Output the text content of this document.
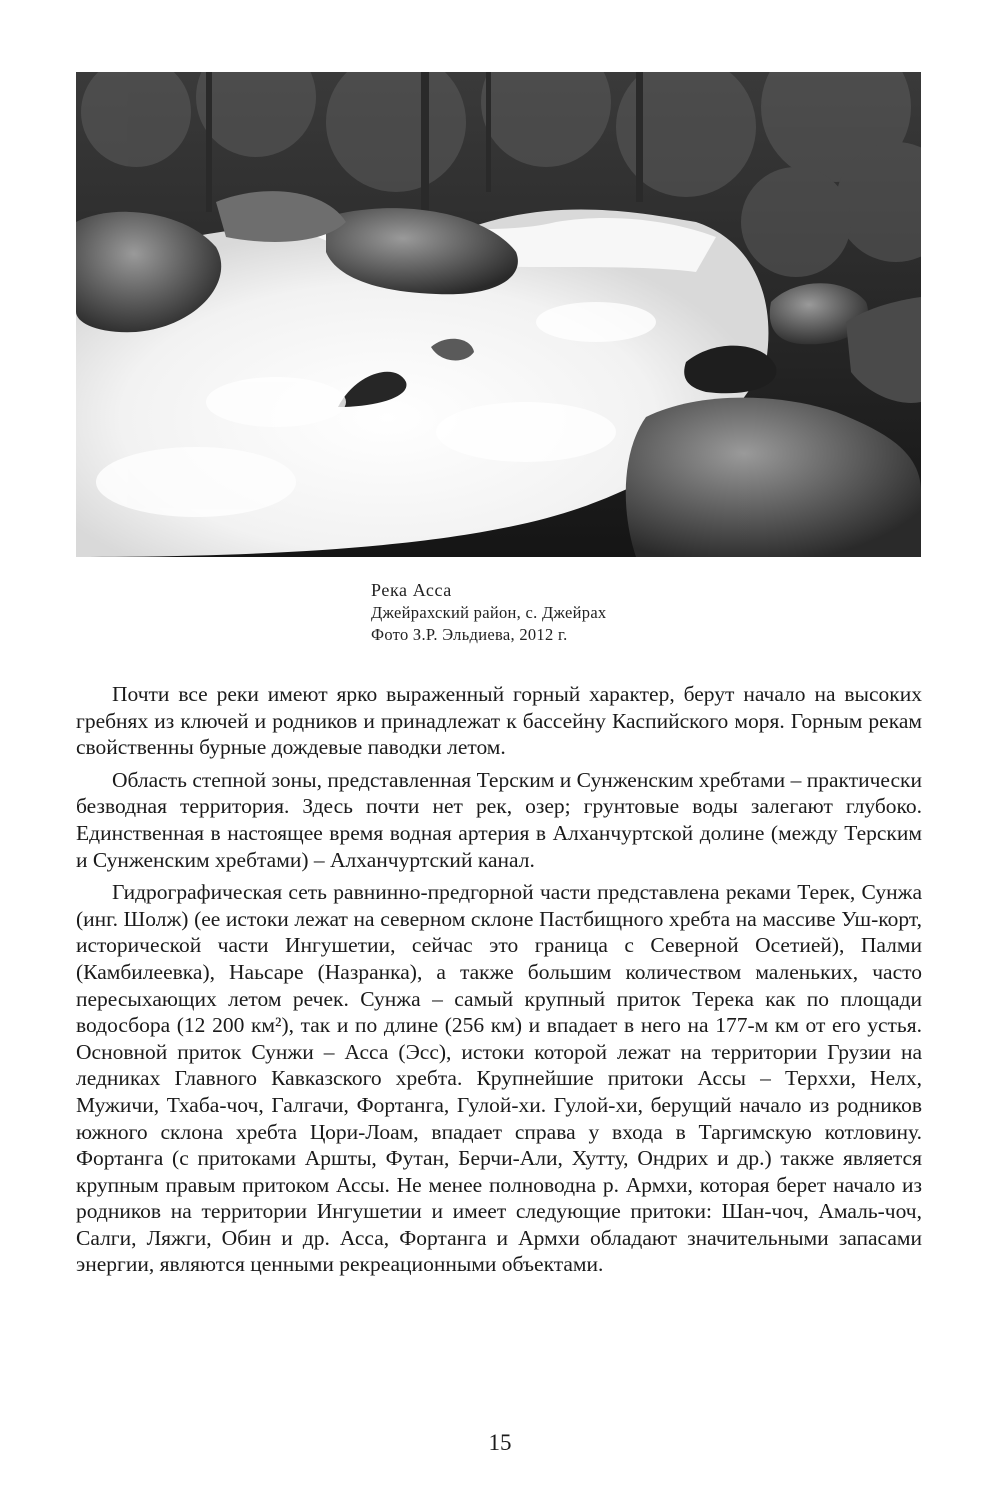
Река Асса
Джейрахский район, с. Джейрах
Фото З.Р. Эльдиева, 2012 г.

Почти все реки имеют ярко выраженный горный характер, берут начало на высоких гребнях из ключей и родников и принадлежат к бассейну Каспийского моря. Горным рекам свойственны бурные дождевые паводки летом.

Область степной зоны, представленная Терским и Сунженским хребтами – практически безводная территория. Здесь почти нет рек, озер; грунтовые воды залегают глубоко. Единственная в настоящее время водная артерия в Алханчуртской долине (между Терским и Сунженским хребтами) – Алханчуртский канал.

Гидрографическая сеть равнинно-предгорной части представлена реками Терек, Сунжа (инг. Шолж) (ее истоки лежат на северном склоне Пастбищного хребта на массиве Уш-корт, исторической части Ингушетии, сейчас это граница с Северной Осетией), Палми (Камбилеевка), Наьсаре (Назранка), а также большим количеством маленьких, часто пересыхающих летом речек. Сунжа – самый крупный приток Терека как по площади водосбора (12 200 км²), так и по длине (256 км) и впадает в него на 177-м км от его устья. Основной приток Сунжи – Асса (Эсс), истоки которой лежат на территории Грузии на ледниках Главного Кавказского хребта. Крупнейшие притоки Ассы – Терххи, Нелх, Мужичи, Тхаба-чоч, Галгачи, Фортанга, Гулой-хи. Гулой-хи, берущий начало из родников южного склона хребта Цори-Лоам, впадает справа у входа в Таргимскую котловину. Фортанга (с притоками Аршты, Футан, Берчи-Али, Хутту, Ондрих и др.) также является крупным правым притоком Ассы. Не менее полноводна р. Армхи, которая берет начало из родников на территории Ингушетии и имеет следующие притоки: Шан-чоч, Амаль-чоч, Салги, Ляжги, Обин и др. Асса, Фортанга и Армхи обладают значительными запасами энергии, являются ценными рекреационными объектами.

15
